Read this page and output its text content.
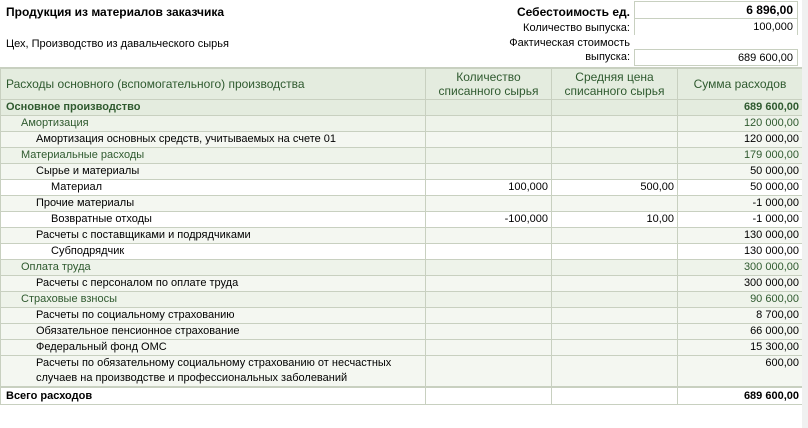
Продукция из материалов заказчика
Цех, Производство из давальческого сырья
Себестоимость ед.	6 896,00
Количество выпуска:	100,000
Фактическая стоимость
выпуска:	689 600,00
Расходы основного (вспомогательного) производства	Количество списанного сырья	Средняя цена списанного сырья	Сумма расходов
Основное производство			689 600,00
Амортизация			120 000,00
Амортизация основных средств, учитываемых на счете 01			120 000,00
Материальные расходы			179 000,00
Сырье и материалы			50 000,00
Материал	100,000	500,00	50 000,00
Прочие материалы			-1 000,00
Возвратные отходы	-100,000	10,00	-1 000,00
Расчеты с поставщиками и подрядчиками			130 000,00
Субподрядчик			130 000,00
Оплата труда			300 000,00
Расчеты с персоналом по оплате труда			300 000,00
Страховые взносы			90 600,00
Расчеты по социальному страхованию			8 700,00
Обязательное пенсионное страхование			66 000,00
Федеральный фонд ОМС			15 300,00
Расчеты по обязательному социальному страхованию от несчастных случаев на производстве и профессиональных заболеваний			600,00
Всего расходов			689 600,00
